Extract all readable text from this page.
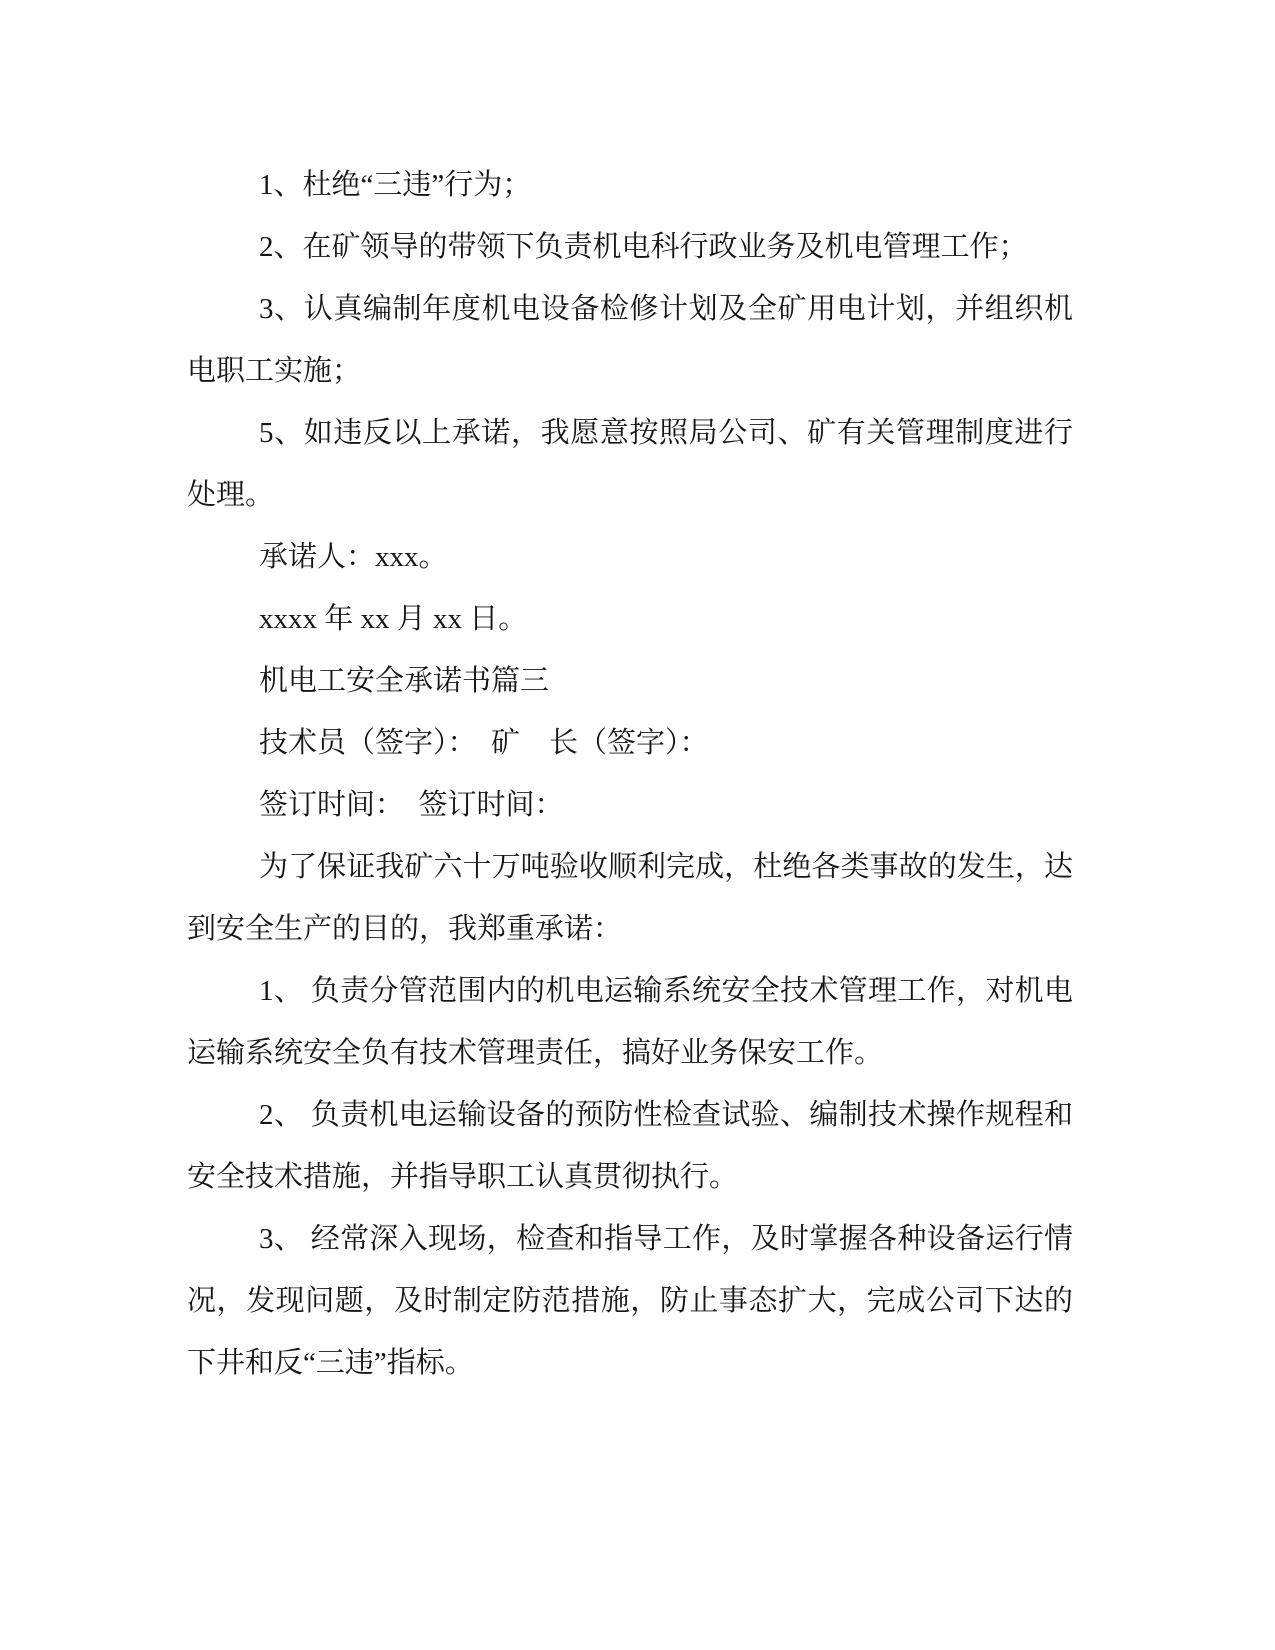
1、杜绝“三违”行为；

2、在矿领导的带领下负责机电科行政业务及机电管理工作；

3、认真编制年度机电设备检修计划及全矿用电计划，并组织机电职工实施；

5、如违反以上承诺，我愿意按照局公司、矿有关管理制度进行处理。

承诺人：xxx。

xxxx 年 xx 月 xx 日。

机电工安全承诺书篇三

技术员（签字）：　矿　长（签字）：

签订时间：　签订时间：

为了保证我矿六十万吨验收顺利完成，杜绝各类事故的发生，达到安全生产的目的，我郑重承诺：

1、 负责分管范围内的机电运输系统安全技术管理工作，对机电运输系统安全负有技术管理责任，搞好业务保安工作。

2、 负责机电运输设备的预防性检查试验、编制技术操作规程和安全技术措施，并指导职工认真贯彻执行。

3、 经常深入现场，检查和指导工作，及时掌握各种设备运行情况，发现问题，及时制定防范措施，防止事态扩大，完成公司下达的下井和反“三违”指标。
